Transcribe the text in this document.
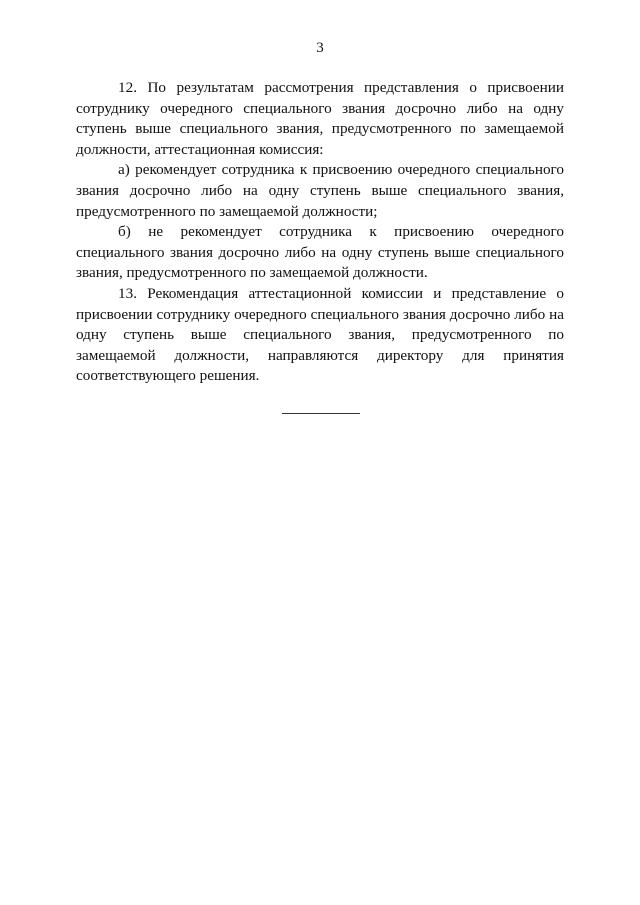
3

12. По результатам рассмотрения представления о присвоении сотруднику очередного специального звания досрочно либо на одну ступень выше специального звания, предусмотренного по замещаемой должности, аттестационная комиссия:

а) рекомендует сотрудника к присвоению очередного специального звания досрочно либо на одну ступень выше специального звания, предусмотренного по замещаемой должности;

б) не рекомендует сотрудника к присвоению очередного специального звания досрочно либо на одну ступень выше специального звания, предусмотренного по замещаемой должности.

13. Рекомендация аттестационной комиссии и представление о присвоении сотруднику очередного специального звания досрочно либо на одну ступень выше специального звания, предусмотренного по замещаемой должности, направляются директору для принятия соответствующего решения.
